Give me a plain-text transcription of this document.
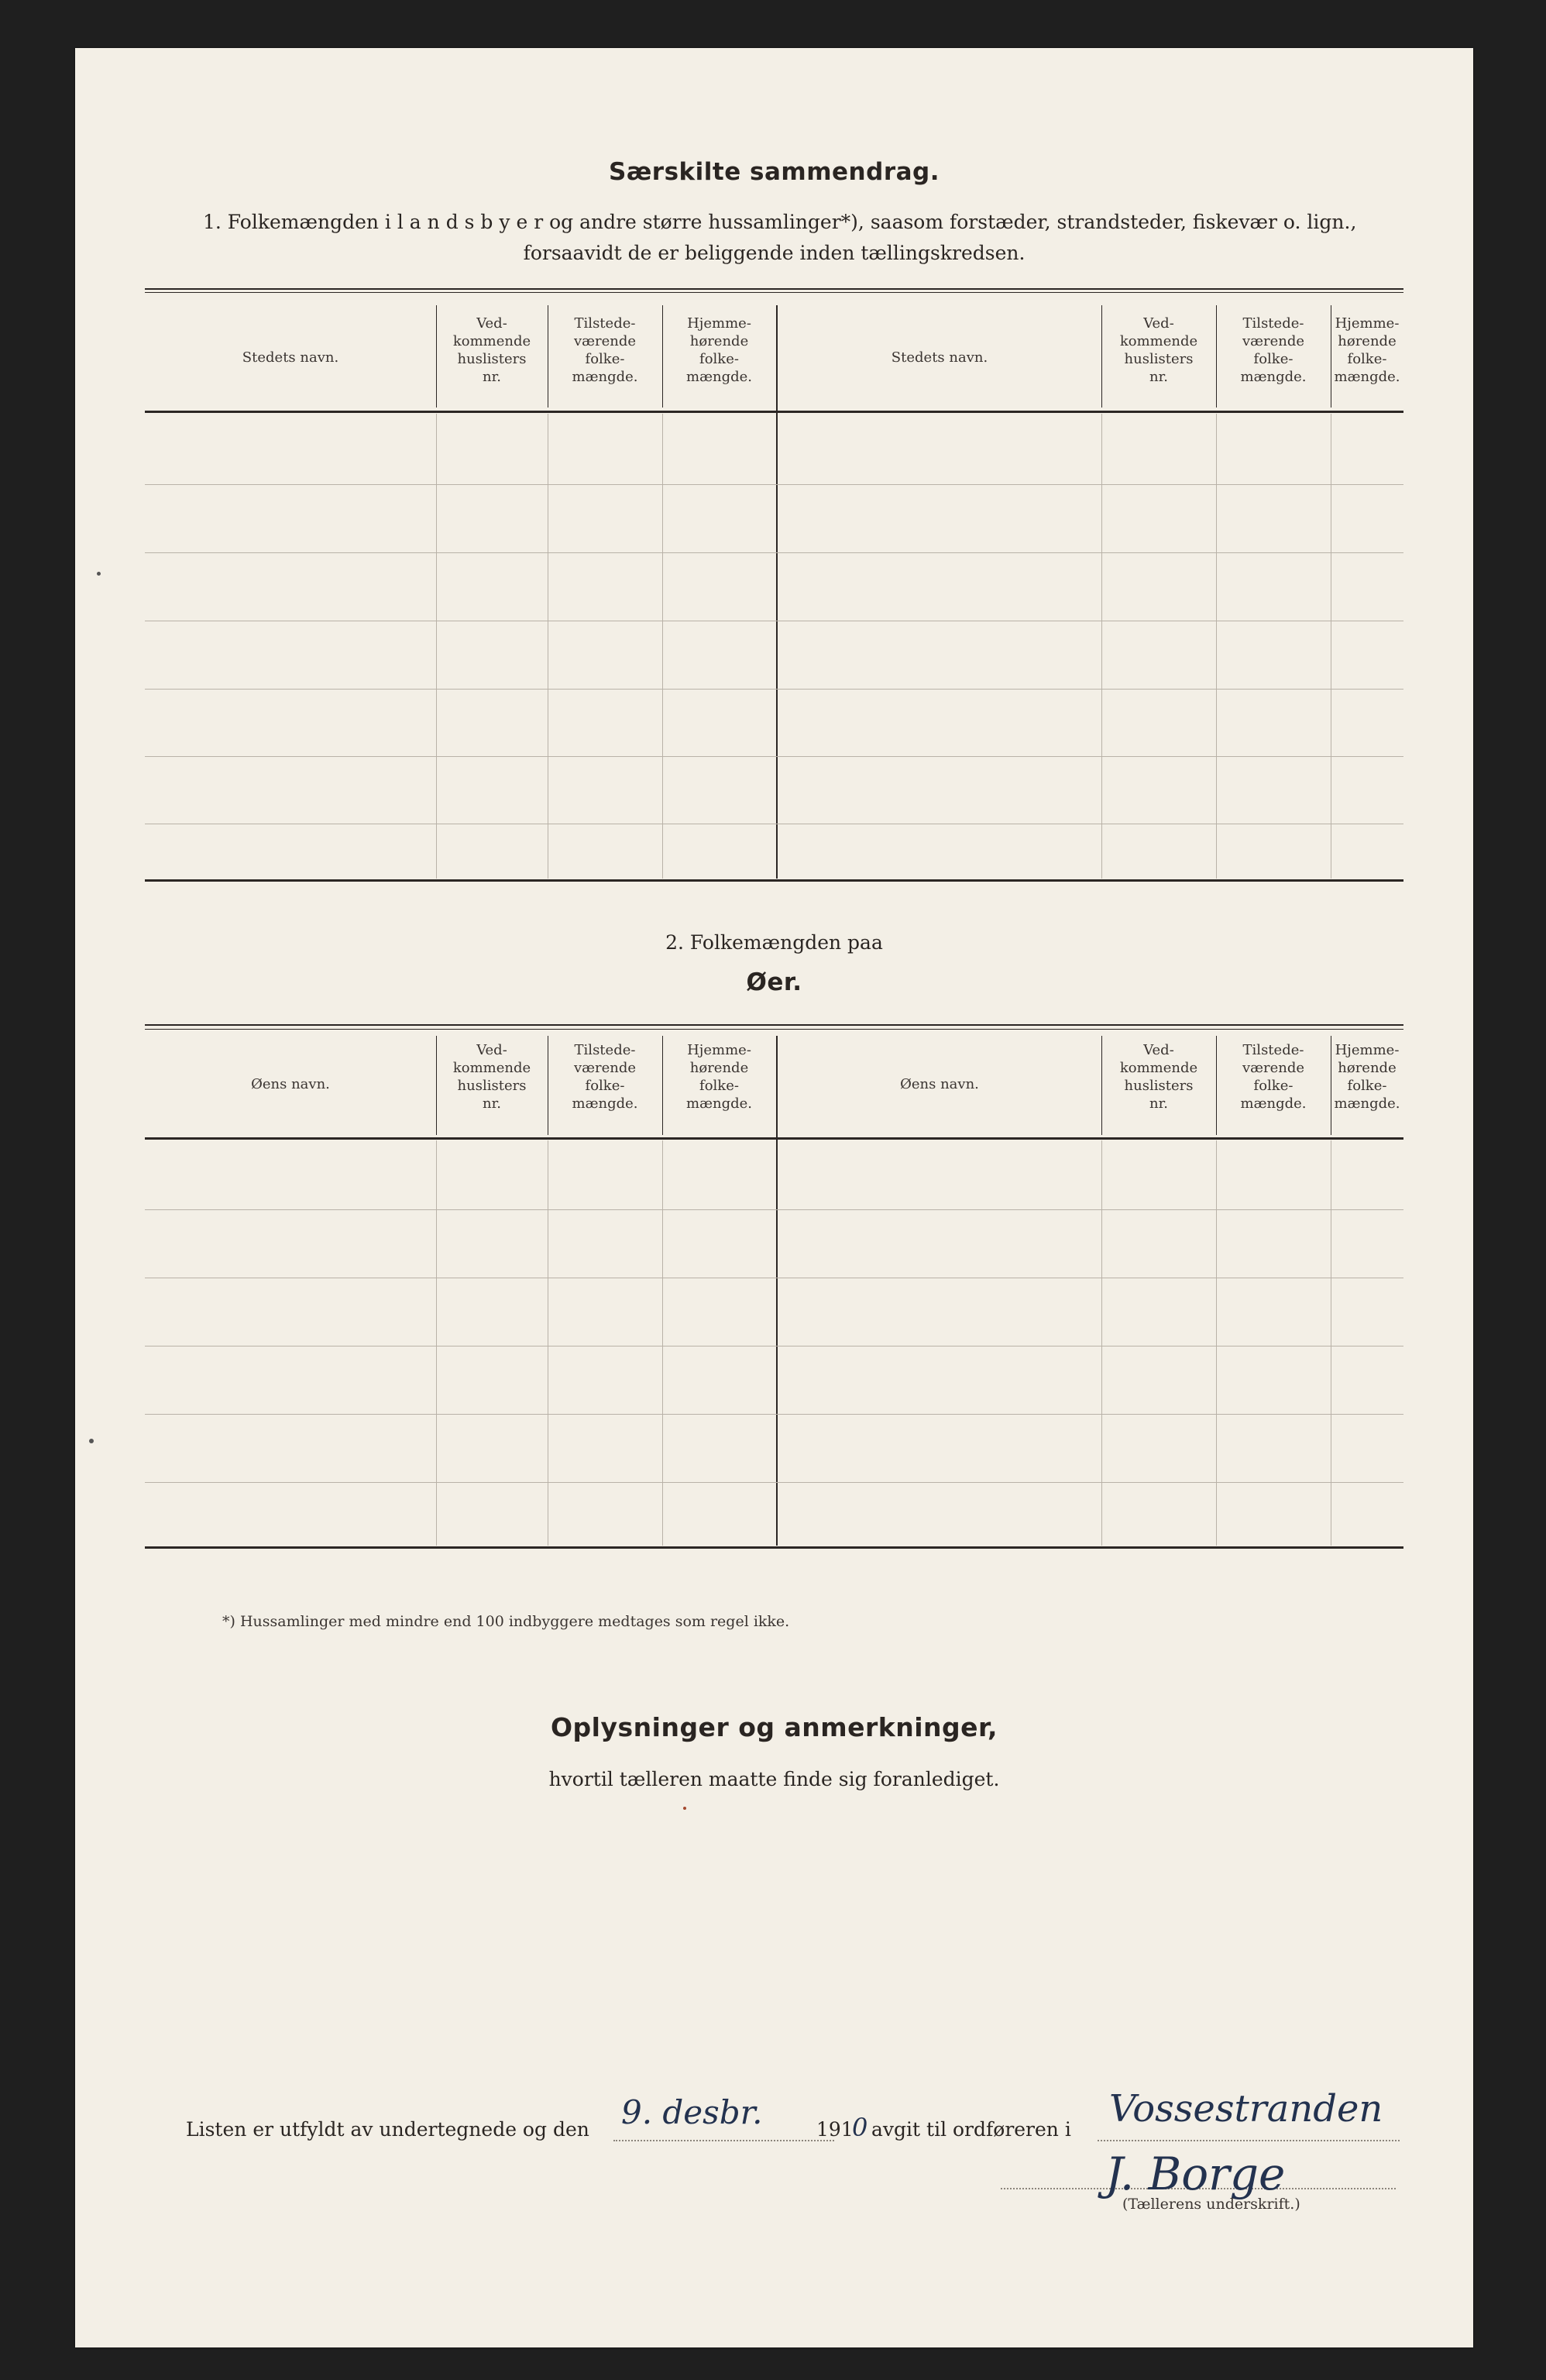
Særskilte sammendrag.
1. Folkemængden i l a n d s b y e r og andre større hussamlinger*), saasom forstæder, strandsteder, fiskevær o. lign.,
forsaavidt de er beliggende inden tællingskredsen.
Stedets navn.
Ved-
kommende
huslisters
nr.
Tilstede-
værende
folke-
mængde.
Hjemme-
hørende
folke-
mængde.
Stedets navn.
Ved-
kommende
huslisters
nr.
Tilstede-
værende
folke-
mængde.
Hjemme-
hørende
folke-
mængde.
2. Folkemængden paa
Øer.
Øens navn.
Ved-
kommende
huslisters
nr.
Tilstede-
værende
folke-
mængde.
Hjemme-
hørende
folke-
mængde.
Øens navn.
Ved-
kommende
huslisters
nr.
Tilstede-
værende
folke-
mængde.
Hjemme-
hørende
folke-
mængde.
*) Hussamlinger med mindre end 100 indbyggere medtages som regel ikke.
Oplysninger og anmerkninger,
hvortil tælleren maatte finde sig foranlediget.
Listen er utfyldt av undertegnede og den 9. desbr.	191
0 avgit til ordføreren i Vossestranden
J. Borge
(Tællerens underskrift.)
